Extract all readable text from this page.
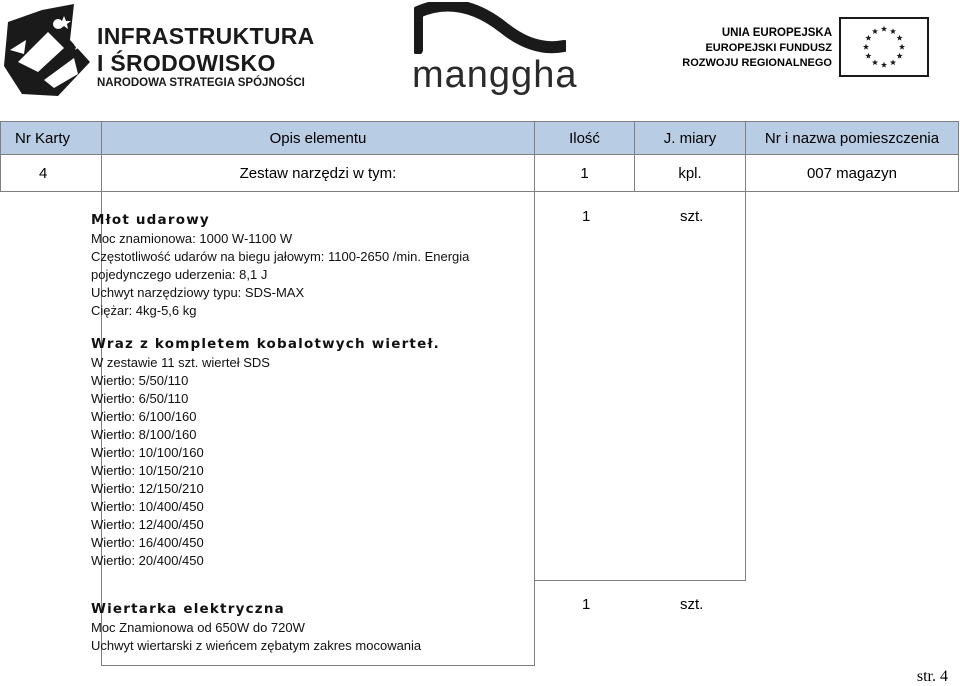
INFRASTRUKTURA
I ŚRODOWISKO
NARODOWA STRATEGIA SPÓJNOŚCI	manggha
UNIA EUROPEJSKA
EUROPEJSKI FUNDUSZ
ROZWOJU REGIONALNEGO
Nr Karty	Opis elementu	Ilość	J. miary	Nr i nazwa pomieszczenia
4	Zestaw narzędzi w tym:	1	kpl.	007 magazyn

Młot udarowy
Moc znamionowa: 1000 W-1100 W
Częstotliwość udarów na biegu jałowym: 1100-2650 /min. Energia
pojedynczego uderzenia: 8,1 J
Uchwyt narzędziowy typu: SDS-MAX
Ciężar: 4kg-5,6 kg
Wraz z kompletem kobalotwych wierteł.
W zestawie 11 szt. wierteł SDS
Wiertło: 5/50/110
Wiertło: 6/50/110
Wiertło: 6/100/160
Wiertło: 8/100/160
Wiertło: 10/100/160
Wiertło: 10/150/210
Wiertło: 12/150/210
Wiertło: 10/400/450
Wiertło: 12/400/450
Wiertło: 16/400/450
Wiertło: 20/400/450
1	szt.
Wiertarka elektryczna
Moc Znamionowa od 650W do 720W
Uchwyt wiertarski z wieńcem zębatym zakres mocowania
1	szt.
str. 4
